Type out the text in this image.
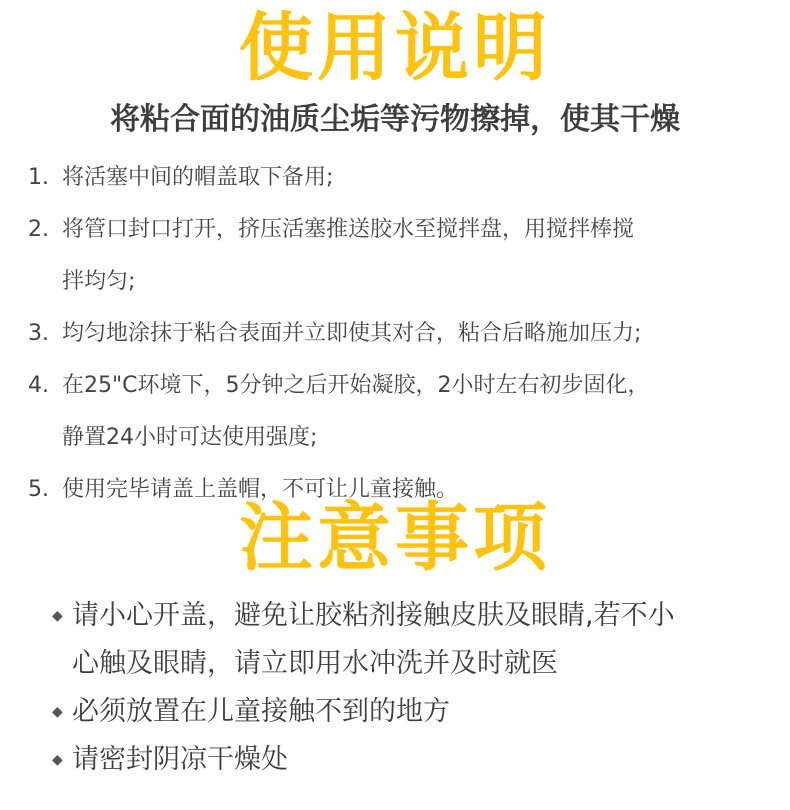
使用说明
将粘合面的油质尘垢等污物擦掉，使其干燥
1. 将活塞中间的帽盖取下备用;
2. 将管口封口打开，挤压活塞推送胶水至搅拌盘，用搅拌棒搅
拌均匀;
3. 均匀地涂抹于粘合表面并立即使其对合，粘合后略施加压力;
4. 在25"C环境下，5分钟之后开始凝胶，2小时左右初步固化，
静置24小时可达使用强度;
5. 使用完毕请盖上盖帽，不可让儿童接触。
注意事项
◆ 请小心开盖，避免让胶粘剂接触皮肤及眼睛,若不小
心触及眼睛，请立即用水冲洗并及时就医
◆ 必须放置在儿童接触不到的地方
◆ 请密封阴凉干燥处
